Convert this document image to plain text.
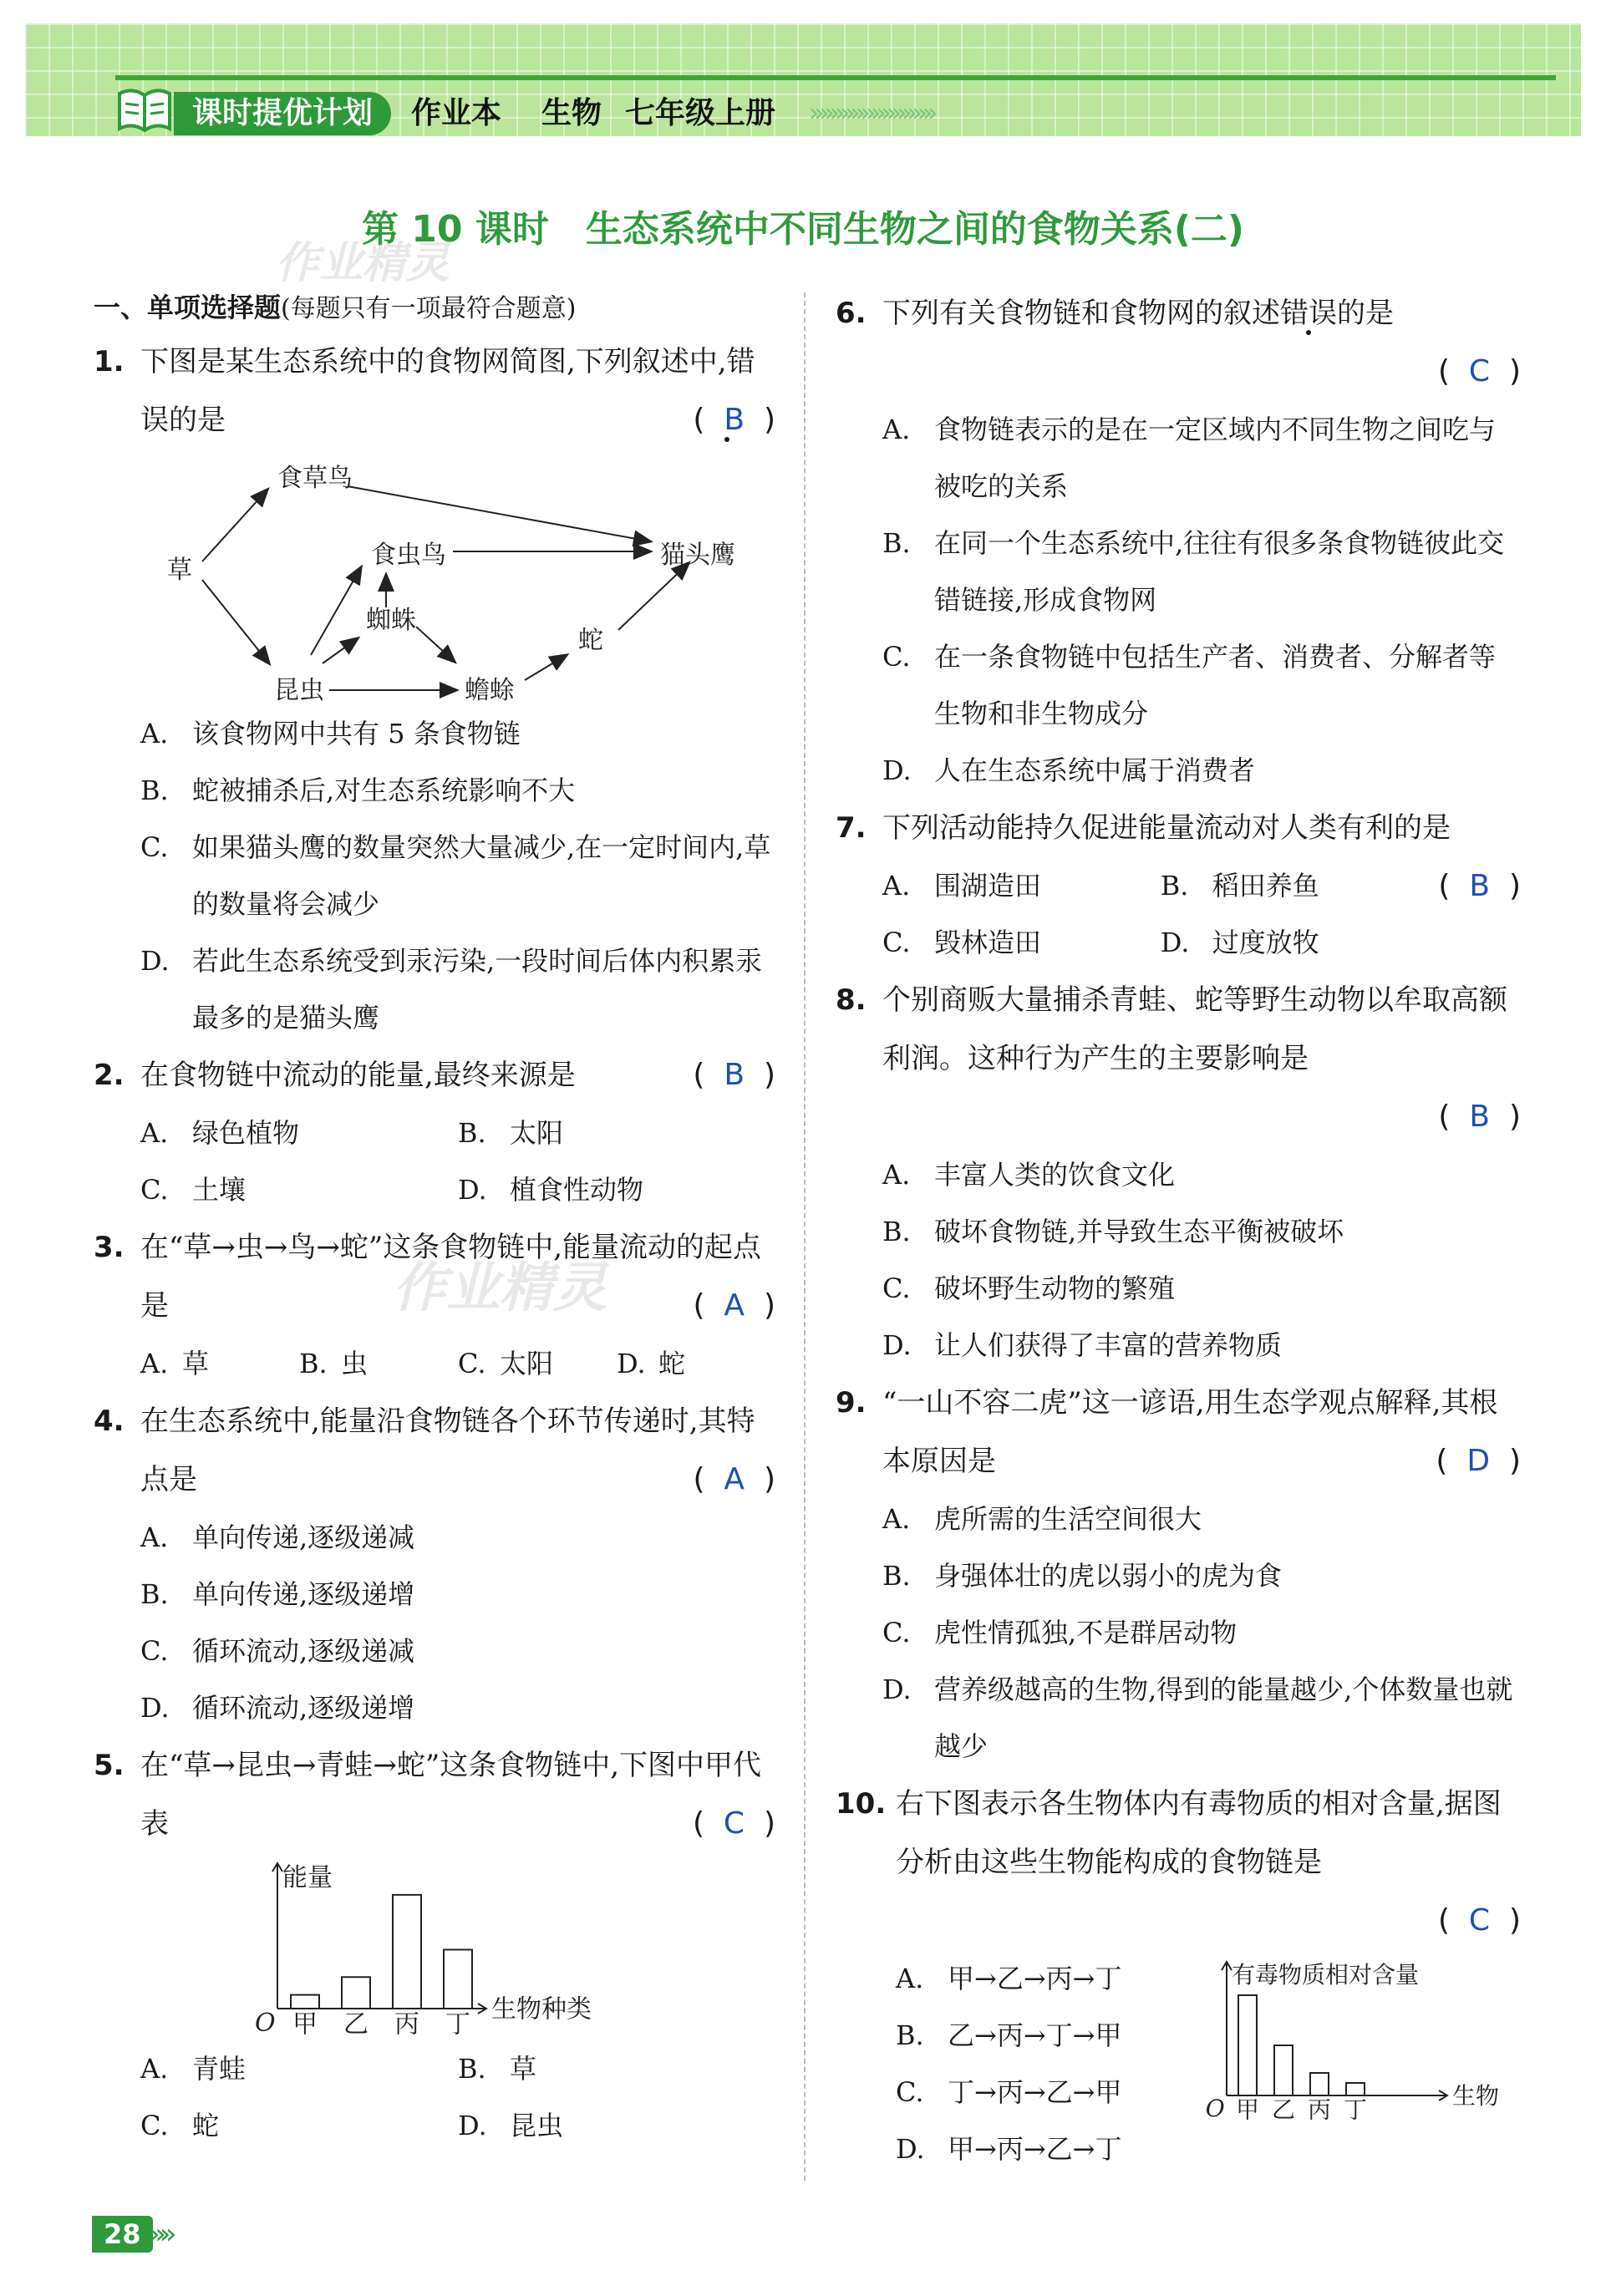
课时提优计划	作业本 生物 七年级上册 »»»»»»»»»»»»
第 10 课时　生态系统中不同生物之间的食物关系(二)
作业精灵
作业精灵
一、单项选择题(每题只有一项最符合题意)
1. 下图是某生态系统中的食物网简图,下列叙述中,错误的是	(  B  )
草
食草鸟
食虫鸟	猫头鹰
蜘蛛
蛇
昆虫	蟾蜍
A. 该食物网中共有 5 条食物链
B. 蛇被捕杀后,对生态系统影响不大
C. 如果猫头鹰的数量突然大量减少,在一定时间内,草的数量将会减少
D. 若此生态系统受到汞污染,一段时间后体内积累汞最多的是猫头鹰
2. 在食物链中流动的能量,最终来源是	(  B  )
A. 绿色植物	B. 太阳
C. 土壤	D. 植食性动物
3. 在“草→虫→鸟→蛇”这条食物链中,能量流动的起点是	(  A  )
A. 草	B. 虫	C. 太阳	D. 蛇
4. 在生态系统中,能量沿食物链各个环节传递时,其特点是	(  A  )
A. 单向传递,逐级递减
B. 单向传递,逐级递增
C. 循环流动,逐级递减
D. 循环流动,逐级递增
5. 在“草→昆虫→青蛙→蛇”这条食物链中,下图中甲代表	(  C  )
能量
生物种类
O 甲 乙 丙 丁
A. 青蛙	B. 草
C. 蛇	D. 昆虫
6. 下列有关食物链和食物网的叙述错误的是
(  C  )
A. 食物链表示的是在一定区域内不同生物之间吃与被吃的关系
B. 在同一个生态系统中,往往有很多条食物链彼此交错链接,形成食物网
C. 在一条食物链中包括生产者、消费者、分解者等生物和非生物成分
D. 人在生态系统中属于消费者
7. 下列活动能持久促进能量流动对人类有利的是
(  B  )
A. 围湖造田	B. 稻田养鱼
C. 毁林造田	D. 过度放牧
8. 个别商贩大量捕杀青蛙、蛇等野生动物以牟取高额利润。这种行为产生的主要影响是
(  B  )
A. 丰富人类的饮食文化
B. 破坏食物链,并导致生态平衡被破坏
C. 破坏野生动物的繁殖
D. 让人们获得了丰富的营养物质
9. “一山不容二虎”这一谚语,用生态学观点解释,其根本原因是	(  D  )
A. 虎所需的生活空间很大
B. 身强体壮的虎以弱小的虎为食
C. 虎性情孤独,不是群居动物
D. 营养级越高的生物,得到的能量越少,个体数量也就越少
10. 右下图表示各生物体内有毒物质的相对含量,据图分析由这些生物能构成的食物链是
(  C  )
A. 甲→乙→丙→丁
B. 乙→丙→丁→甲
C. 丁→丙→乙→甲
D. 甲→丙→乙→丁
有毒物质相对含量
生物
O 甲 乙 丙 丁
28 »»
